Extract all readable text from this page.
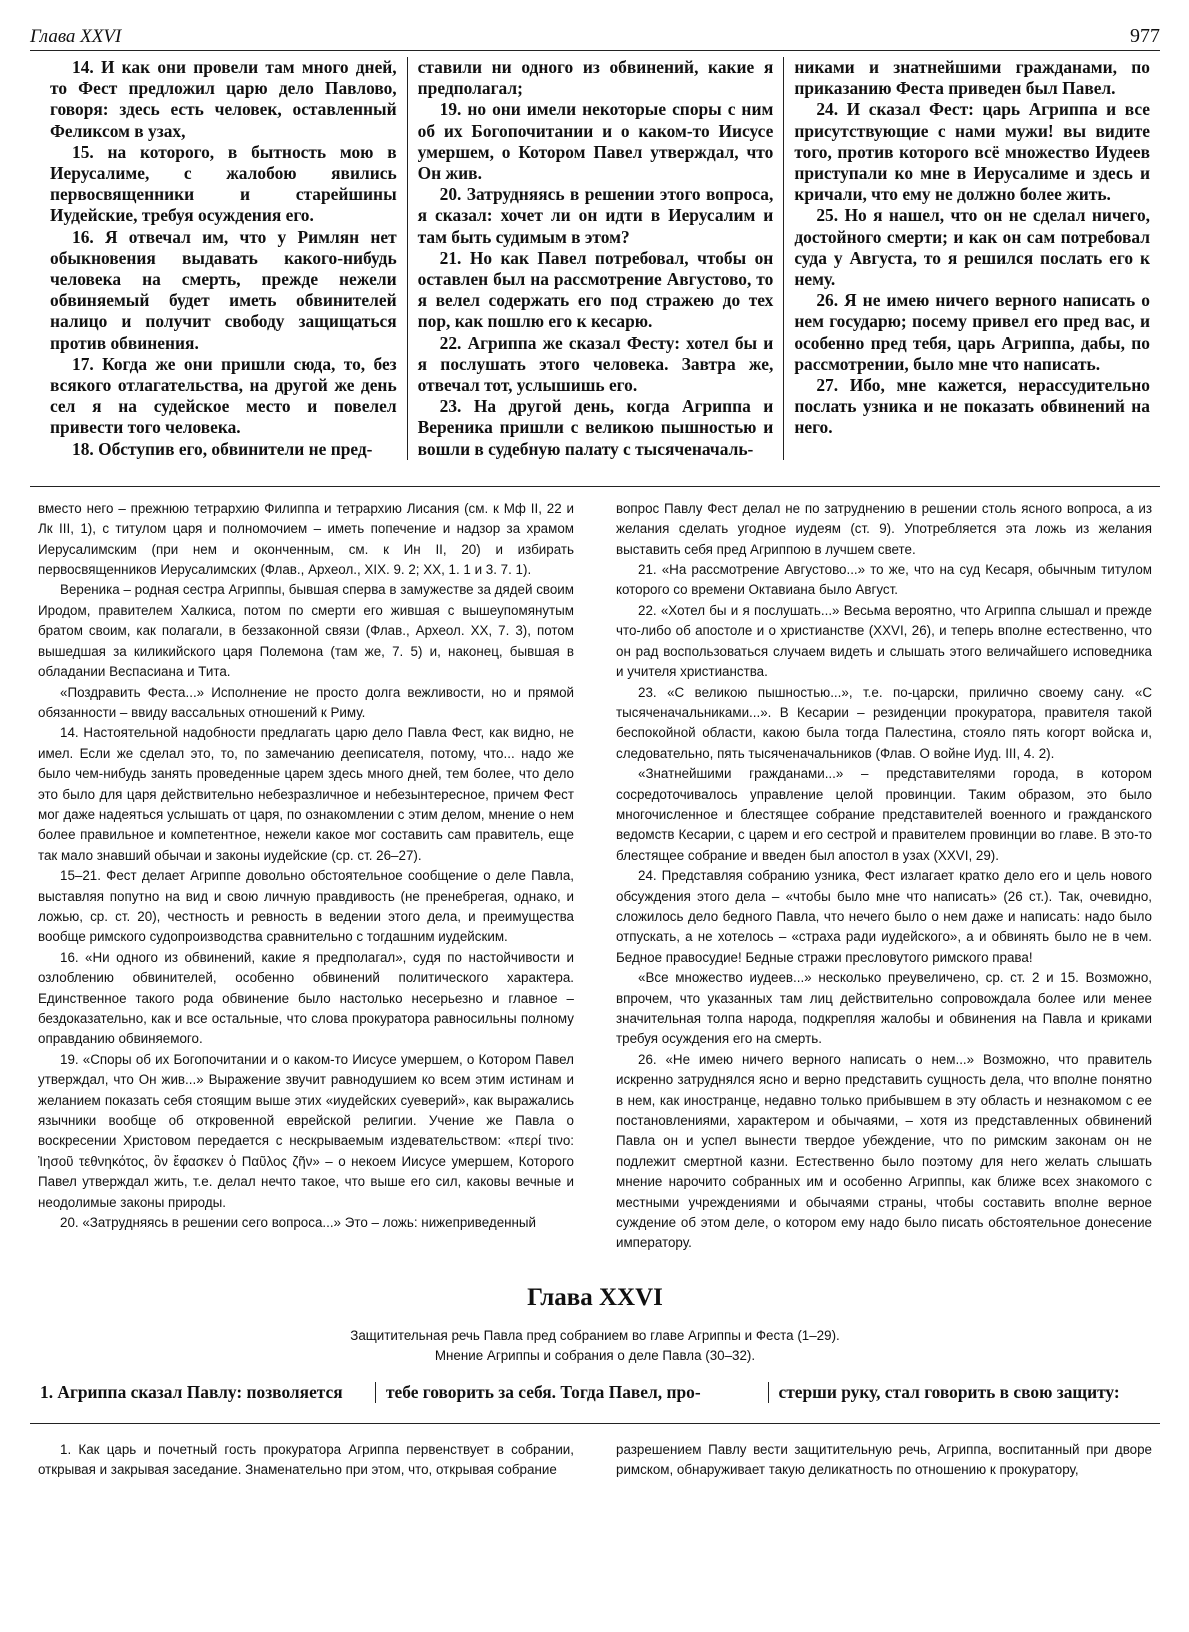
Глава XXVI	977

14. И как они провели там много дней, то Фест предложил царю дело Павлово, говоря: здесь есть человек, оставленный Феликсом в узах,

15. на которого, в бытность мою в Иерусалиме, с жалобою явились первосвященники и старейшины Иудейские, требуя осуждения его.

16. Я отвечал им, что у Римлян нет обыкновения выдавать какого-нибудь человека на смерть, прежде нежели обвиняемый будет иметь обвинителей налицо и получит свободу защищаться против обвинения.

17. Когда же они пришли сюда, то, без всякого отлагательства, на другой же день сел я на судейское место и повелел привести того человека.

18. Обступив его, обвинители не пред-

ставили ни одного из обвинений, какие я предполагал;

19. но они имели некоторые споры с ним об их Богопочитании и о каком-то Иисусе умершем, о Котором Павел утверждал, что Он жив.

20. Затрудняясь в решении этого вопроса, я сказал: хочет ли он идти в Иерусалим и там быть судимым в этом?

21. Но как Павел потребовал, чтобы он оставлен был на рассмотрение Августово, то я велел содержать его под стражею до тех пор, как пошлю его к кесарю.

22. Агриппа же сказал Фесту: хотел бы и я послушать этого человека. Завтра же, отвечал тот, услышишь его.

23. На другой день, когда Агриппа и Вереника пришли с великою пышностью и вошли в судебную палату с тысяченачаль-

никами и знатнейшими гражданами, по приказанию Феста приведен был Павел.

24. И сказал Фест: царь Агриппа и все присутствующие с нами мужи! вы видите того, против которого всё множество Иудеев приступали ко мне в Иерусалиме и здесь и кричали, что ему не должно более жить.

25. Но я нашел, что он не сделал ничего, достойного смерти; и как он сам потребовал суда у Августа, то я решился послать его к нему.

26. Я не имею ничего верного написать о нем государю; посему привел его пред вас, и особенно пред тебя, царь Агриппа, дабы, по рассмотрении, было мне что написать.

27. Ибо, мне кажется, нерассудительно послать узника и не показать обвинений на него.

вместо него – прежнюю тетрархию Филиппа и тетрархию Лисания (см. к Мф II, 22 и Лк III, 1), с титулом царя и полномочием – иметь попечение и надзор за храмом Иерусалимским (при нем и оконченным, см. к Ин II, 20) и избирать первосвященников Иерусалимских (Флав., Археол., XIX. 9. 2; XX, 1. 1 и 3. 7. 1).

Вереника – родная сестра Агриппы, бывшая сперва в замужестве за дядей своим Иродом, правителем Халкиса, потом по смерти его жившая с вышеупомянутым братом своим, как полагали, в беззаконной связи (Флав., Археол. XX, 7. 3), потом вышедшая за киликийского царя Полемона (там же, 7. 5) и, наконец, бывшая в обладании Веспасиана и Тита.

«Поздравить Феста...» Исполнение не просто долга вежливости, но и прямой обязанности – ввиду вассальных отношений к Риму.

14. Настоятельной надобности предлагать царю дело Павла Фест, как видно, не имел. Если же сделал это, то, по замечанию дееписателя, потому, что... надо же было чем-нибудь занять проведенные царем здесь много дней, тем более, что дело это было для царя действительно небезразличное и небезынтересное, причем Фест мог даже надеяться услышать от царя, по ознакомлении с этим делом, мнение о нем более правильное и компетентное, нежели какое мог составить сам правитель, еще так мало знавший обычаи и законы иудейские (ср. ст. 26–27).

15–21. Фест делает Агриппе довольно обстоятельное сообщение о деле Павла, выставляя попутно на вид и свою личную правдивость (не пренебрегая, однако, и ложью, ср. ст. 20), честность и ревность в ведении этого дела, и преимущества вообще римского судопроизводства сравнительно с тогдашним иудейским.

16. «Ни одного из обвинений, какие я предполагал», судя по настойчивости и озлоблению обвинителей, особенно обвинений политического характера. Единственное такого рода обвинение было настолько несерьезно и главное – бездоказательно, как и все остальные, что слова прокуратора равносильны полному оправданию обвиняемого.

19. «Споры об их Богопочитании и о каком-то Иисусе умершем, о Котором Павел утверждал, что Он жив...» Выражение звучит равнодушием ко всем этим истинам и желанием показать себя стоящим выше этих «иудейских суеверий», как выражались язычники вообще об откровенной еврейской религии. Учение же Павла о воскресении Христовом передается с нескрываемым издевательством: «περί τινο: Ἰησοῦ τεθνηκότος, ὃν ἔφασκεν ὁ Παῦλος ζῆν» – о некоем Иисусе умершем, Которого Павел утверждал жить, т.е. делал нечто такое, что выше его сил, каковы вечные и неодолимые законы природы.

20. «Затрудняясь в решении сего вопроса...» Это – ложь: нижеприведенный

вопрос Павлу Фест делал не по затруднению в решении столь ясного вопроса, а из желания сделать угодное иудеям (ст. 9). Употребляется эта ложь из желания выставить себя пред Агриппою в лучшем свете.

21. «На рассмотрение Августово...» то же, что на суд Кесаря, обычным титулом которого со времени Октавиана было Август.

22. «Хотел бы и я послушать...» Весьма вероятно, что Агриппа слышал и прежде что-либо об апостоле и о христианстве (XXVI, 26), и теперь вполне естественно, что он рад воспользоваться случаем видеть и слышать этого величайшего исповедника и учителя христианства.

23. «С великою пышностью...», т.е. по-царски, прилично своему сану. «С тысяченачальниками...». В Кесарии – резиденции прокуратора, правителя такой беспокойной области, какою была тогда Палестина, стояло пять когорт войска и, следовательно, пять тысяченачальников (Флав. О войне Иуд. III, 4. 2).

«Знатнейшими гражданами...» – представителями города, в котором сосредоточивалось управление целой провинции. Таким образом, это было многочисленное и блестящее собрание представителей военного и гражданского ведомств Кесарии, с царем и его сестрой и правителем провинции во главе. В это-то блестящее собрание и введен был апостол в узах (XXVI, 29).

24. Представляя собранию узника, Фест излагает кратко дело его и цель нового обсуждения этого дела – «чтобы было мне что написать» (26 ст.). Так, очевидно, сложилось дело бедного Павла, что нечего было о нем даже и написать: надо было отпускать, а не хотелось – «страха ради иудейского», а и обвинять было не в чем. Бедное правосудие! Бедные стражи пресловутого римского права!

«Все множество иудеев...» несколько преувеличено, ср. ст. 2 и 15. Возможно, впрочем, что указанных там лиц действительно сопровождала более или менее значительная толпа народа, подкрепляя жалобы и обвинения на Павла и криками требуя осуждения его на смерть.

26. «Не имею ничего верного написать о нем...» Возможно, что правитель искренно затруднялся ясно и верно представить сущность дела, что вполне понятно в нем, как иностранце, недавно только прибывшем в эту область и незнакомом с ее постановлениями, характером и обычаями, – хотя из представленных обвинений Павла он и успел вынести твердое убеждение, что по римским законам он не подлежит смертной казни. Естественно было поэтому для него желать слышать мнение нарочито собранных им и особенно Агриппы, как ближе всех знакомого с местными учреждениями и обычаями страны, чтобы составить вполне верное суждение об этом деле, о котором ему надо было писать обстоятельное донесение императору.

Глава XXVI
Защитительная речь Павла пред собранием во главе Агриппы и Феста (1–29).
Мнение Агриппы и собрания о деле Павла (30–32).
1. Агриппа сказал Павлу: позволяется	тебе говорить за себя. Тогда Павел, про-	стерши руку, стал говорить в свою защиту:

1. Как царь и почетный гость прокуратора Агриппа первенствует в собрании, открывая и закрывая заседание. Знаменательно при этом, что, открывая собрание

разрешением Павлу вести защитительную речь, Агриппа, воспитанный при дворе римском, обнаруживает такую деликатность по отношению к прокуратору,
